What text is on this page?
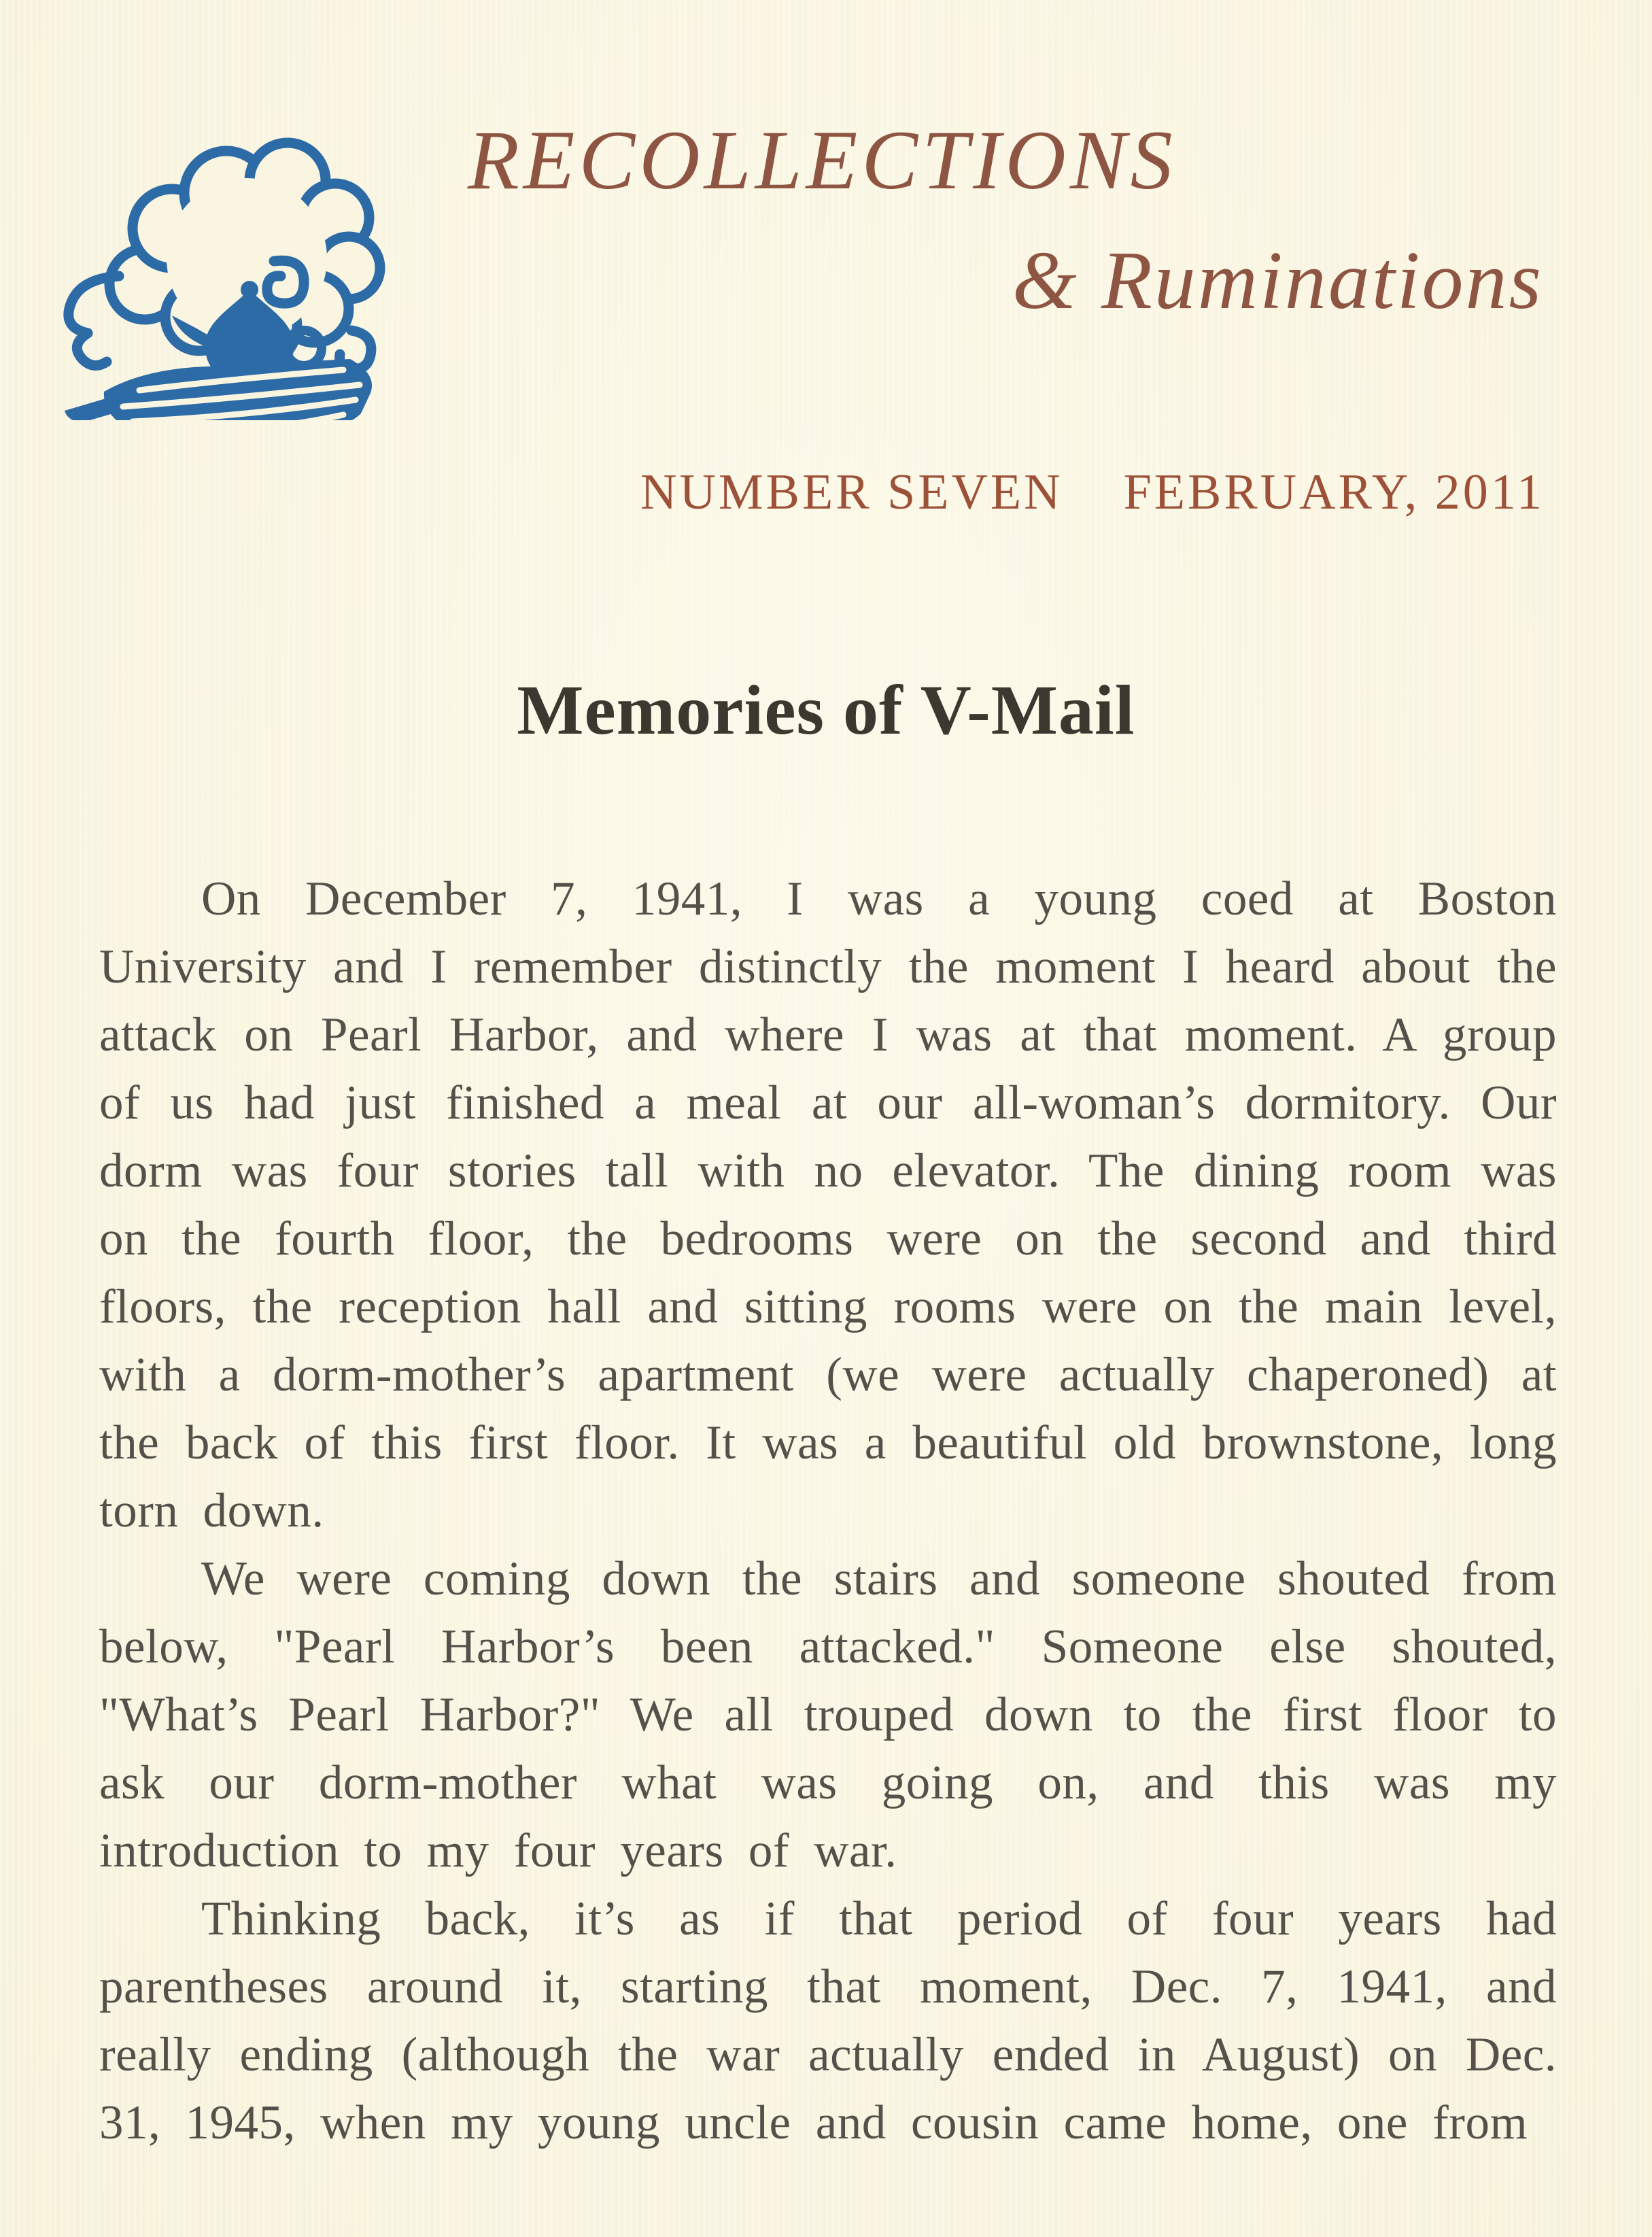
RECOLLECTIONS
& Ruminations
NUMBER SEVEN FEBRUARY, 2011
Memories of V-Mail

On December 7, 1941, I was a young coed at Boston University and I remember distinctly the moment I heard about the attack on Pearl Harbor, and where I was at that moment. A group of us had just finished a meal at our all-woman’s dormitory. Our dorm was four stories tall with no elevator. The dining room was on the fourth floor, the bedrooms were on the second and third floors, the reception hall and sitting rooms were on the main level, with a dorm-mother’s apartment (we were actually chaperoned) at the back of this first floor. It was a beautiful old brownstone, long torn down.

We were coming down the stairs and someone shouted from below, "Pearl Harbor’s been attacked." Someone else shouted, "What’s Pearl Harbor?" We all trouped down to the first floor to ask our dorm-mother what was going on, and this was my introduction to my four years of war.

Thinking back, it’s as if that period of four years had parentheses around it, starting that moment, Dec. 7, 1941, and really ending (although the war actually ended in August) on Dec. 31, 1945, when my young uncle and cousin came home, one from
